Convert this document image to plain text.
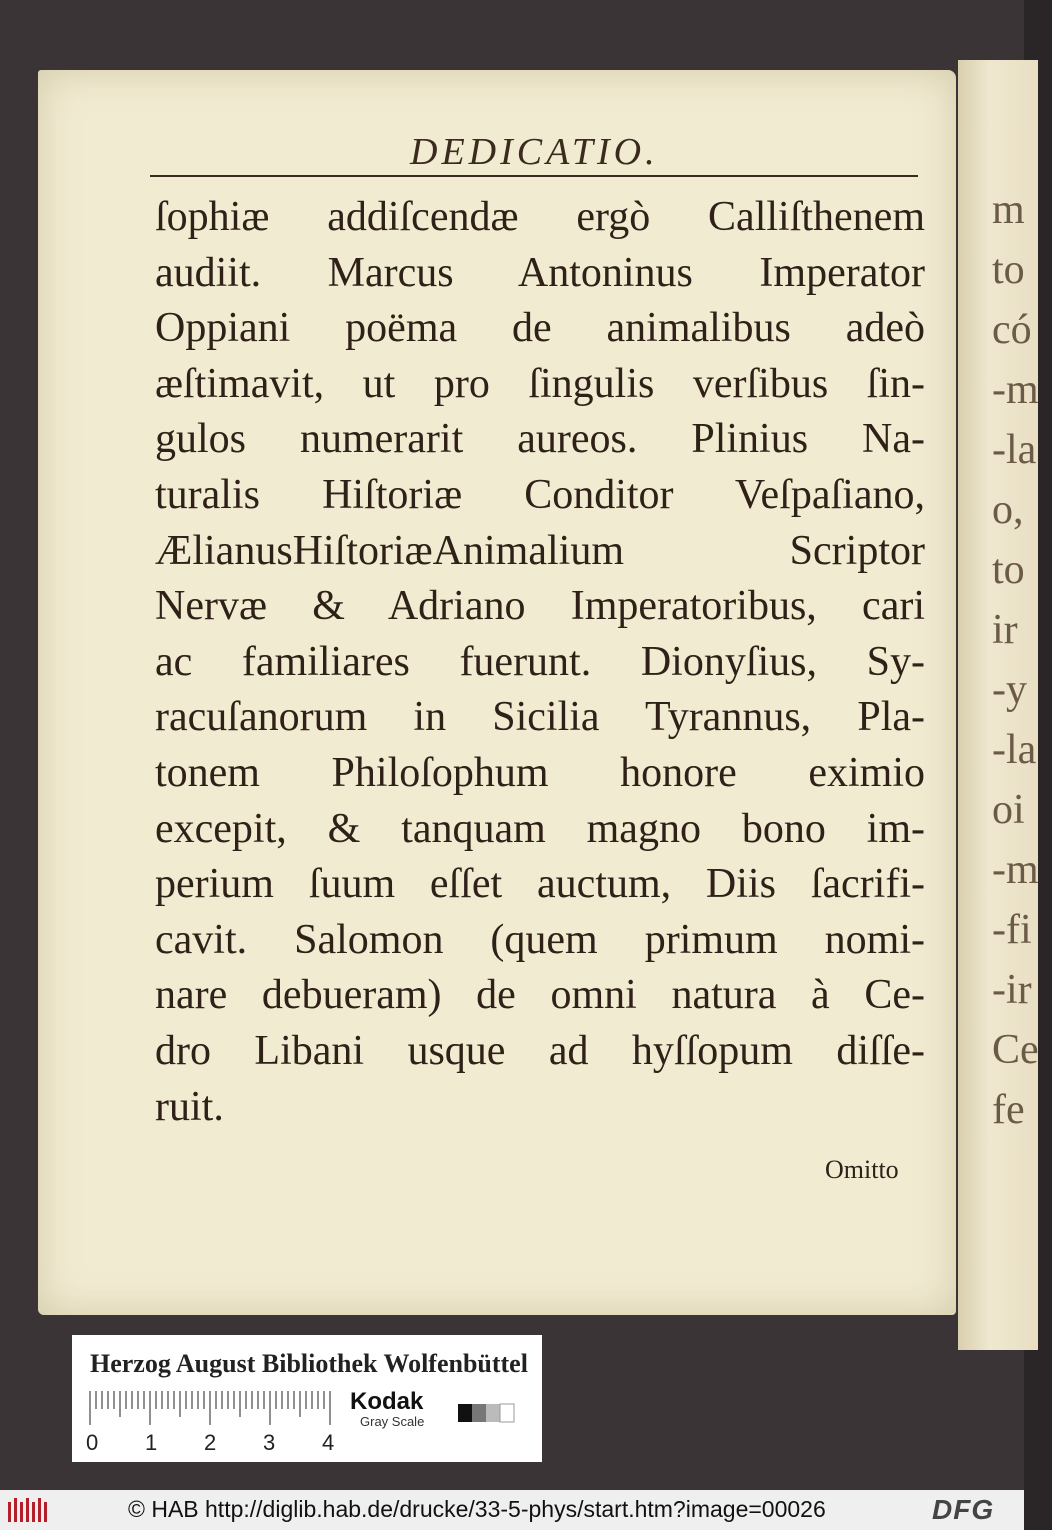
m
to
có
-m
-la
o,
to
ir
-y
-la
oi
-m
-fi
-ir
Ce
fe
DEDICATIO.
ſophiæ addiſcendæ ergò Calliſthenem
audiit. Marcus Antoninus Imperator
Oppiani poëma de animalibus adeò
æſtimavit, ut pro ſingulis verſibus ſin-
gulos numerarit aureos. Plinius Na-
turalis Hiſtoriæ Conditor Veſpaſiano,
ÆlianusHiſtoriæAnimalium Scriptor
Nervæ & Adriano Imperatoribus, cari
ac familiares fuerunt. Dionyſius, Sy-
racuſanorum in Sicilia Tyrannus, Pla-
tonem Philoſophum honore eximio
excepit, & tanquam magno bono im-
perium ſuum eſſet auctum, Diis ſacrifi-
cavit. Salomon (quem primum nomi-
nare debueram) de omni natura à Ce-
dro Libani usque ad hyſſopum diſſe-
ruit.
Omitto
Herzog August Bibliothek Wolfenbüttel
0 1 2 3 4
Kodak
Gray Scale
© HAB http://diglib.hab.de/drucke/33-5-phys/start.htm?image=00026	DFG
